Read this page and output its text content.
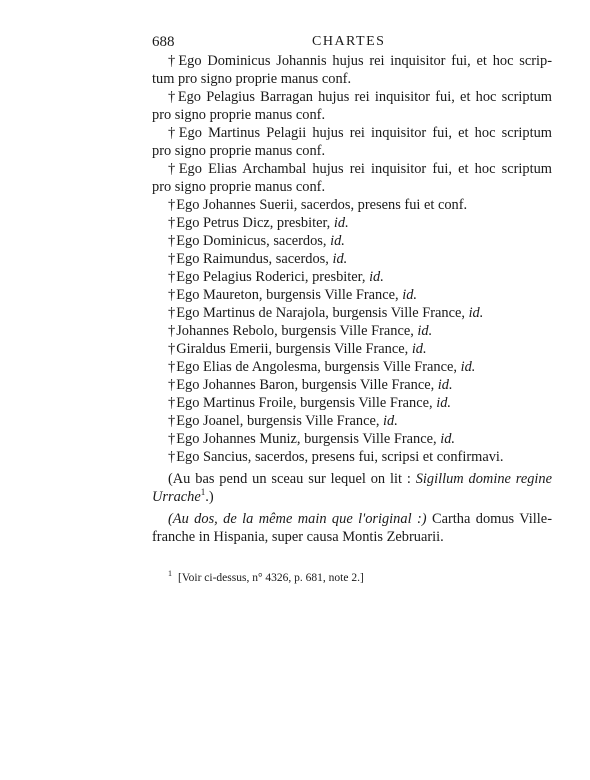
688	CHARTES

†Ego Dominicus Johannis hujus rei inquisitor fui, et hoc scrip-

tum pro signo proprie manus conf.

†Ego Pelagius Barragan hujus rei inquisitor fui, et hoc scriptum

pro signo proprie manus conf.

†Ego Martinus Pelagii hujus rei inquisitor fui, et hoc scriptum

pro signo proprie manus conf.

†Ego Elias Archambal hujus rei inquisitor fui, et hoc scriptum

pro signo proprie manus conf.

†Ego Johannes Suerii, sacerdos, presens fui et conf.

†Ego Petrus Dicz, presbiter, id.

†Ego Dominicus, sacerdos, id.

†Ego Raimundus, sacerdos, id.

†Ego Pelagius Roderici, presbiter, id.

†Ego Maureton, burgensis Ville France, id.

†Ego Martinus de Narajola, burgensis Ville France, id.

†Johannes Rebolo, burgensis Ville France, id.

†Giraldus Emerii, burgensis Ville France, id.

†Ego Elias de Angolesma, burgensis Ville France, id.

†Ego Johannes Baron, burgensis Ville France, id.

†Ego Martinus Froile, burgensis Ville France, id.

†Ego Joanel, burgensis Ville France, id.

†Ego Johannes Muniz, burgensis Ville France, id.

†Ego Sancius, sacerdos, presens fui, scripsi et confirmavi.

(Au bas pend un sceau sur lequel on lit : Sigillum domine regine

Urrache$^1$.)

(Au dos, de la même main que l'original :) Cartha domus Ville-

franche in Hispania, super causa Montis Zebruarii.

$^1$ [Voir ci-dessus, n° 4326, p. 681, note 2.]
